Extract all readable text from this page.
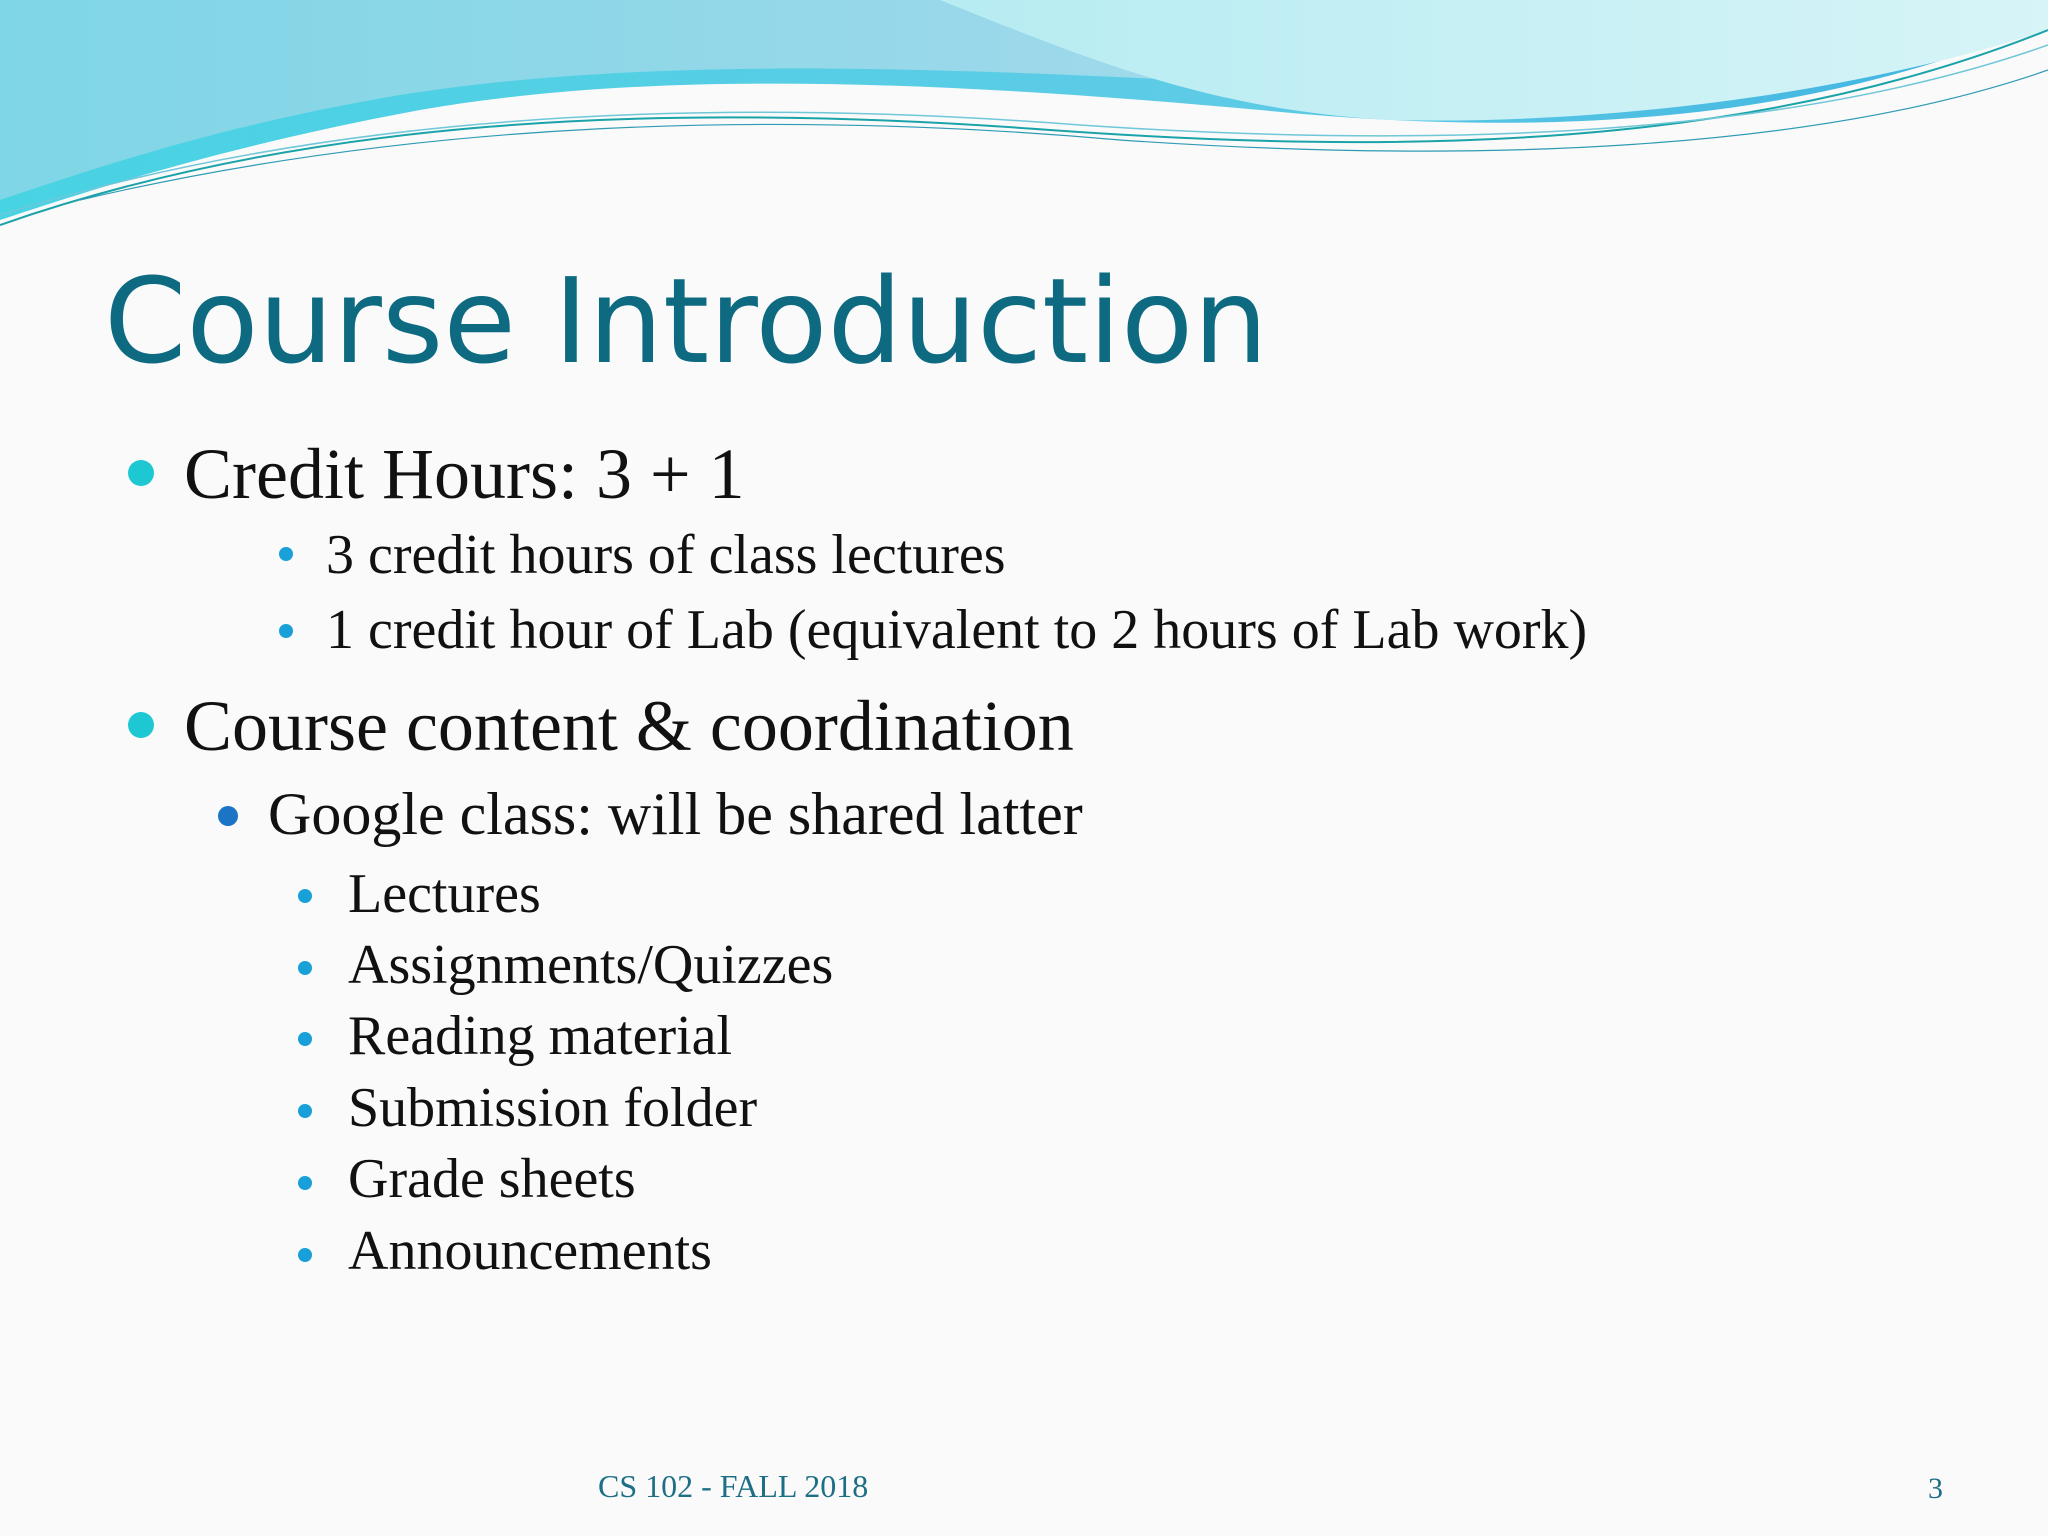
Course Introduction
Credit Hours: 3 + 1
3 credit hours of class lectures
1 credit hour of Lab (equivalent to 2 hours of Lab work)
Course content & coordination
Google class: will be shared latter
Lectures
Assignments/Quizzes
Reading material
Submission folder
Grade sheets
Announcements
CS 102 - FALL 2018	3
